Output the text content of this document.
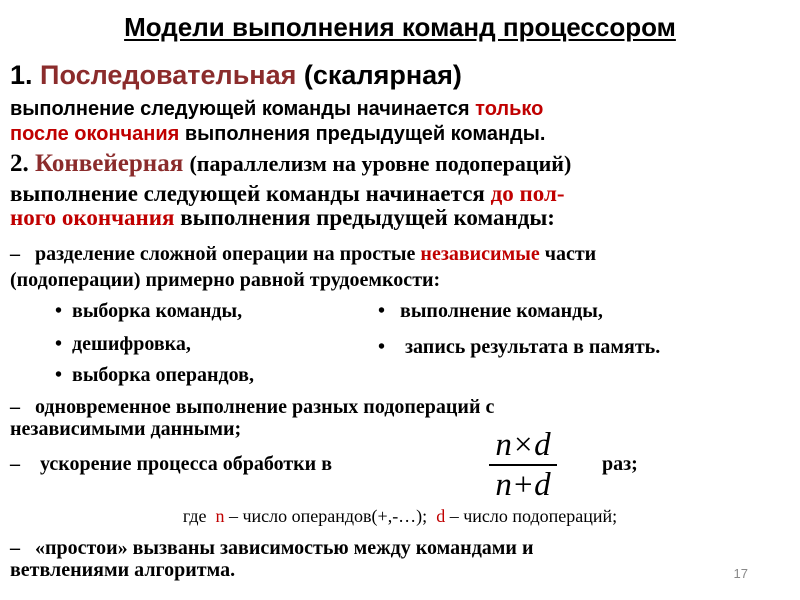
Модели выполнения команд процессором
1. Последовательная (скалярная)
выполнение следующей команды начинается только
после окончания выполнения предыдущей команды.
2. Конвейерная (параллелизм на уровне подопераций)
выполнение следующей команды начинается до пол-
ного окончания выполнения предыдущей команды:
– разделение сложной операции на простые независимые части
(подоперации) примерно равной трудоемкости:
•  выборка команды,
•  дешифровка,
•  выборка операндов,
•   выполнение команды,
•    запись результата в память.
– одновременное выполнение разных подопераций с
независимыми данными;
– ускорение процесса обработки в
n×d
n+d
раз;
где n – число операндов(+,-…); d – число подопераций;
– «простои» вызваны зависимостью между командами и
ветвлениями алгоритма.	17
